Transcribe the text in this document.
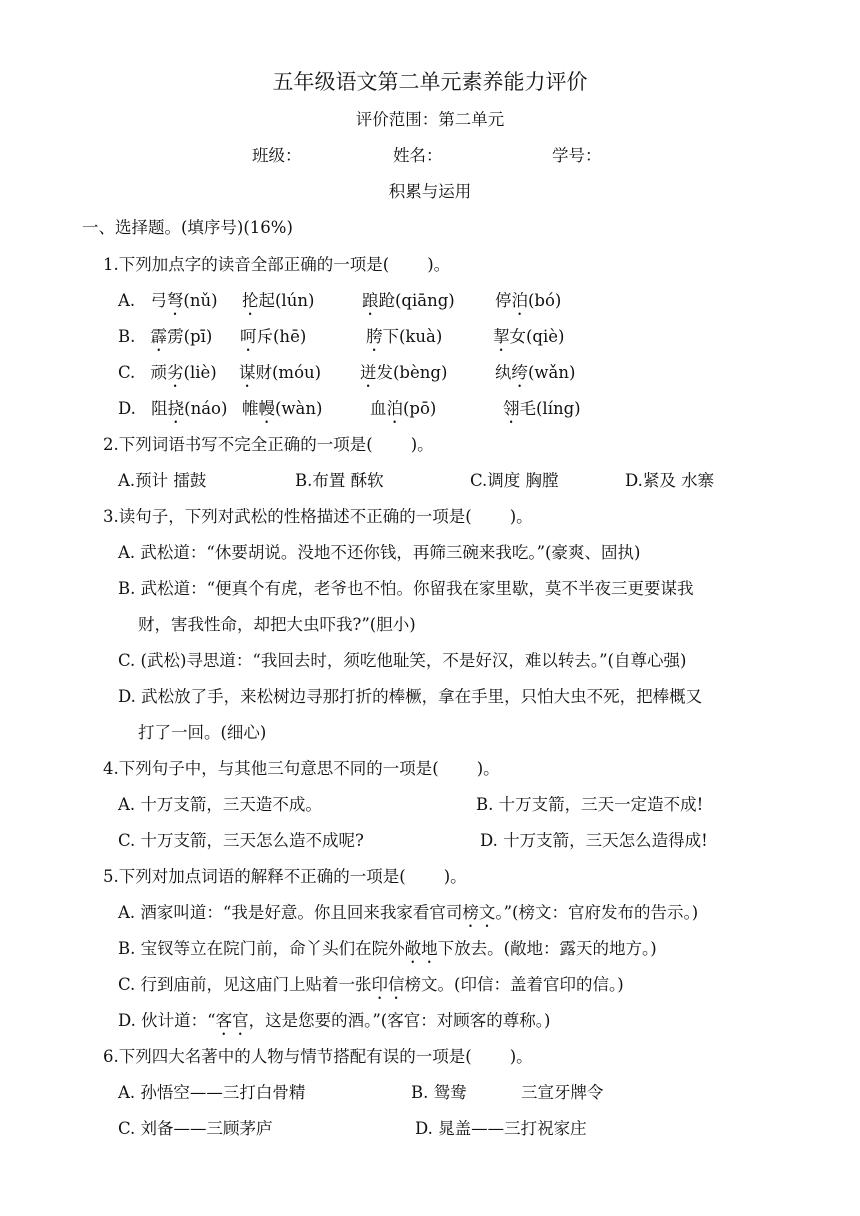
五年级语文第二单元素养能力评价
评价范围：第二单元
班级：	姓名：	学号：
积累与运用
一、选择题。(填序号)(16%)
1.下列加点字的读音全部正确的一项是( )。
A. 弓弩(nǔ) 抡起(lún)	踉跄(qiāng) 停泊(bó)
B. 霹雳(pī) 呵斥(hē)	胯下(kuà)	挈女(qiè)
C. 顽劣(liè) 谋财(móu) 迸发(bèng)	纨绔(wǎn)
D. 阻挠(náo) 帷幔(wàn)	血泊(pō)	翎毛(líng)
2.下列词语书写不完全正确的一项是( )。
A.预计 擂鼓	B.布置 酥软	C.调度 胸膛	D.紧及 水寨
3.读句子，下列对武松的性格描述不正确的一项是( )。
A. 武松道：“休要胡说。没地不还你钱，再筛三碗来我吃。”(豪爽、固执)
B. 武松道：“便真个有虎，老爷也不怕。你留我在家里歇，莫不半夜三更要谋我
财，害我性命，却把大虫吓我?”(胆小)
C. (武松)寻思道：“我回去时，须吃他耻笑，不是好汉，难以转去。”(自尊心强)
D. 武松放了手，来松树边寻那打折的棒橛，拿在手里，只怕大虫不死，把棒概又
打了一回。(细心)
4.下列句子中，与其他三句意思不同的一项是( )。
A. 十万支箭，三天造不成。	B. 十万支箭，三天一定造不成!
C. 十万支箭，三天怎么造不成呢?	D. 十万支箭，三天怎么造得成!
5.下列对加点词语的解释不正确的一项是( )。
A. 酒家叫道：“我是好意。你且回来我家看官司榜文。”(榜文：官府发布的告示。)
B. 宝钗等立在院门前，命丫头们在院外敞地下放去。(敞地：露天的地方。)
C. 行到庙前，见这庙门上贴着一张印信榜文。(印信：盖着官印的信。)
D. 伙计道：“客官，这是您要的酒。”(客官：对顾客的尊称。)
6.下列四大名著中的人物与情节搭配有误的一项是( )。
A. 孙悟空——三打白骨精	B. 鸳鸯	三宣牙牌令
C. 刘备——三顾茅庐	D. 晁盖——三打祝家庄
